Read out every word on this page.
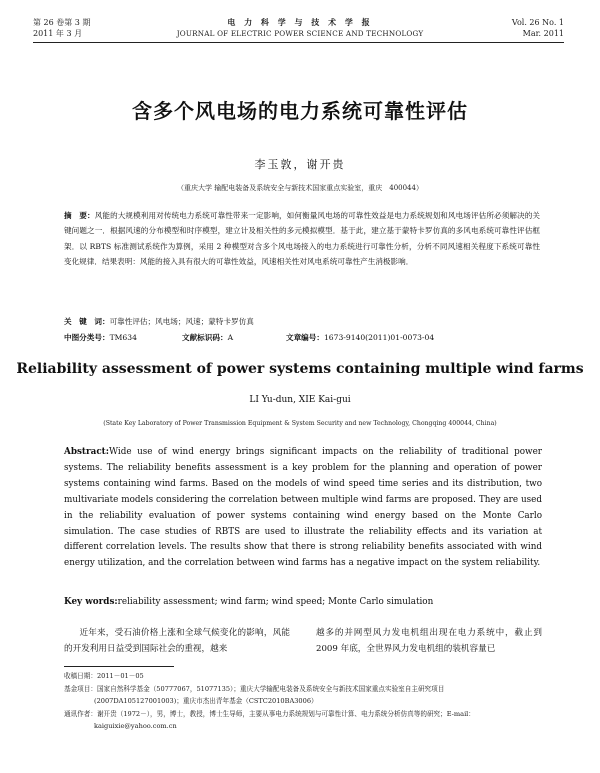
第 26 卷第 3 期
2011 年 3 月
电 力 科 学 与 技 术 学 报
JOURNAL OF ELECTRIC POWER SCIENCE AND TECHNOLOGY
Vol. 26 No. 1
Mar. 2011
含多个风电场的电力系统可靠性评估
李玉敦，谢开贵
（重庆大学 输配电装备及系统安全与新技术国家重点实验室，重庆　400044）
摘　要：风能的大规模利用对传统电力系统可靠性带来一定影响，如何衡量风电场的可靠性效益是电力系统规划和风电场评估所必须解决的关键问题之一．根据风速的分布模型和时序模型，建立计及相关性的多元模拟模型．基于此，建立基于蒙特卡罗仿真的多风电系统可靠性评估框架．以 RBTS 标准测试系统作为算例，采用 2 种模型对含多个风电场接入的电力系统进行可靠性分析，分析不同风速相关程度下系统可靠性变化规律．结果表明：风能的接入具有很大的可靠性效益，风速相关性对风电系统可靠性产生消极影响．
关　键　词：可靠性评估；风电场；风速；蒙特卡罗仿真
中图分类号：TM634	文献标识码：A	文章编号：1673-9140(2011)01-0073-04
Reliability assessment of power systems containing multiple wind farms
LI Yu-dun, XIE Kai-gui
(State Key Laboratory of Power Transmission Equipment & System Security and new Technology, Chongqing 400044, China)
Abstract:Wide use of wind energy brings significant impacts on the reliability of traditional power systems. The reliability benefits assessment is a key problem for the planning and operation of power systems containing wind farms. Based on the models of wind speed time series and its distribution, two multivariate models considering the correlation between multiple wind farms are proposed. They are used in the reliability evaluation of power systems containing wind energy based on the Monte Carlo simulation. The case studies of RBTS are used to illustrate the reliability effects and its variation at different correlation levels. The results show that there is strong reliability benefits associated with wind energy utilization, and the correlation between wind farms has a negative impact on the system reliability.
Key words:reliability assessment; wind farm; wind speed; Monte Carlo simulation
近年来，受石油价格上涨和全球气候变化的影响，风能的开发利用日益受到国际社会的重视，越来
越多的并网型风力发电机组出现在电力系统中，截止到 2009 年底，全世界风力发电机组的装机容量已
收稿日期：2011－01－05
基金项目：国家自然科学基金（50777067，51077135）；重庆大学输配电装备及系统安全与新技术国家重点实验室自主研究项目
(2007DA105127001003)；重庆市杰出青年基金（CSTC2010BA3006）
通讯作者：谢开贵（1972－），男，博士，教授，博士生导师，主要从事电力系统规划与可靠性计算、电力系统分析仿真等的研究；E-mail：
kaiguixie@yahoo.com.cn
